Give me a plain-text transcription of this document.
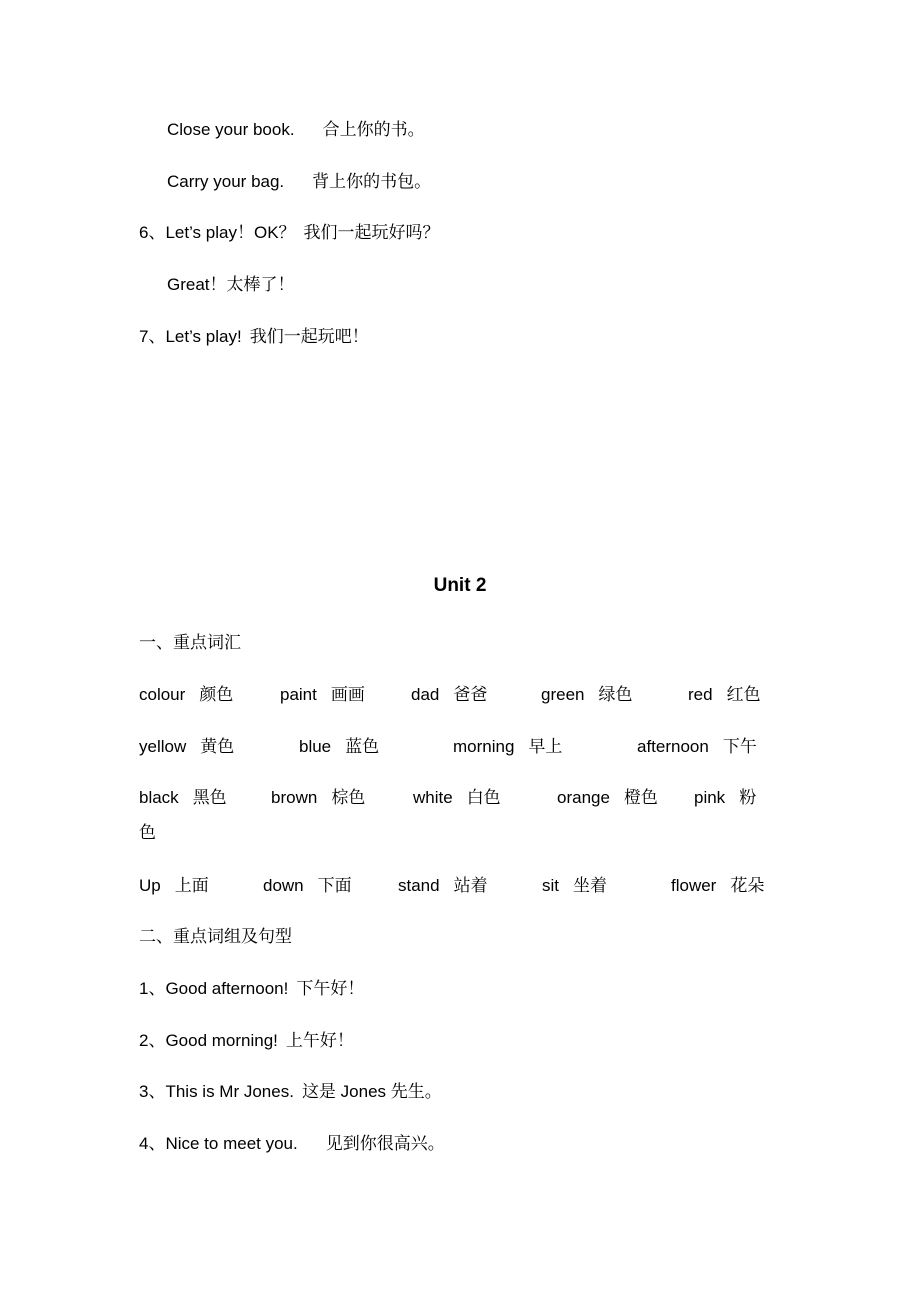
Close your book. 合上你的书。
Carry your bag. 背上你的书包。
6、Let’s play！OK？ 我们一起玩好吗？
Great！太棒了！
7、Let’s play! 我们一起玩吧！
Unit 2
一、重点词汇
colour 颜色	paint 画画	dad 爸爸	green 绿色	red 红色
yellow 黄色	blue 蓝色	morning 早上	afternoon 下午
black 黑色	brown 棕色	white 白色	orange 橙色 pink 粉
色
Up 上面	down 下面	stand 站着	sit 坐着	flower 花朵
二、重点词组及句型
1、Good afternoon! 下午好！
2、Good morning! 上午好！
3、This is Mr Jones. 这是 Jones 先生。
4、Nice to meet you. 见到你很高兴。
